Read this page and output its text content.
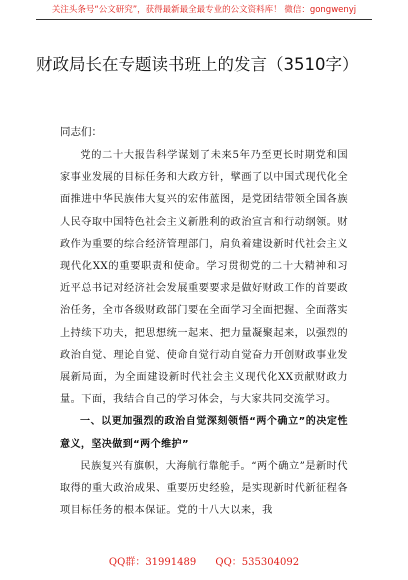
关注头条号“公文研究”，获得最新最全最专业的公文资料库！ 微信：gongwenyj
财政局长在专题读书班上的发言（3510字）
同志们：

党的二十大报告科学谋划了未来5年乃至更长时期党和国家事业发展的目标任务和大政方针，擘画了以中国式现代化全面推进中华民族伟大复兴的宏伟蓝图，是党团结带领全国各族人民夺取中国特色社会主义新胜利的政治宣言和行动纲领。财政作为重要的综合经济管理部门，肩负着建设新时代社会主义现代化XX的重要职责和使命。学习贯彻党的二十大精神和习近平总书记对经济社会发展重要要求是做好财政工作的首要政治任务，全市各级财政部门要在全面学习全面把握、全面落实上持续下功夫，把思想统一起来、把力量凝聚起来，以强烈的政治自觉、理论自觉、使命自觉行动自觉奋力开创财政事业发展新局面，为全面建设新时代社会主义现代化XX贡献财政力量。下面，我结合自己的学习体会，与大家共同交流学习。

一、以更加强烈的政治自觉深刻领悟“两个确立”的决定性意义，坚决做到“两个维护”

民族复兴有旗帜，大海航行靠舵手。“两个确立”是新时代取得的重大政治成果、重要历史经验，是实现新时代新征程各项目标任务的根本保证。党的十八大以来，我

QQ群：31991489 QQ：535304092
